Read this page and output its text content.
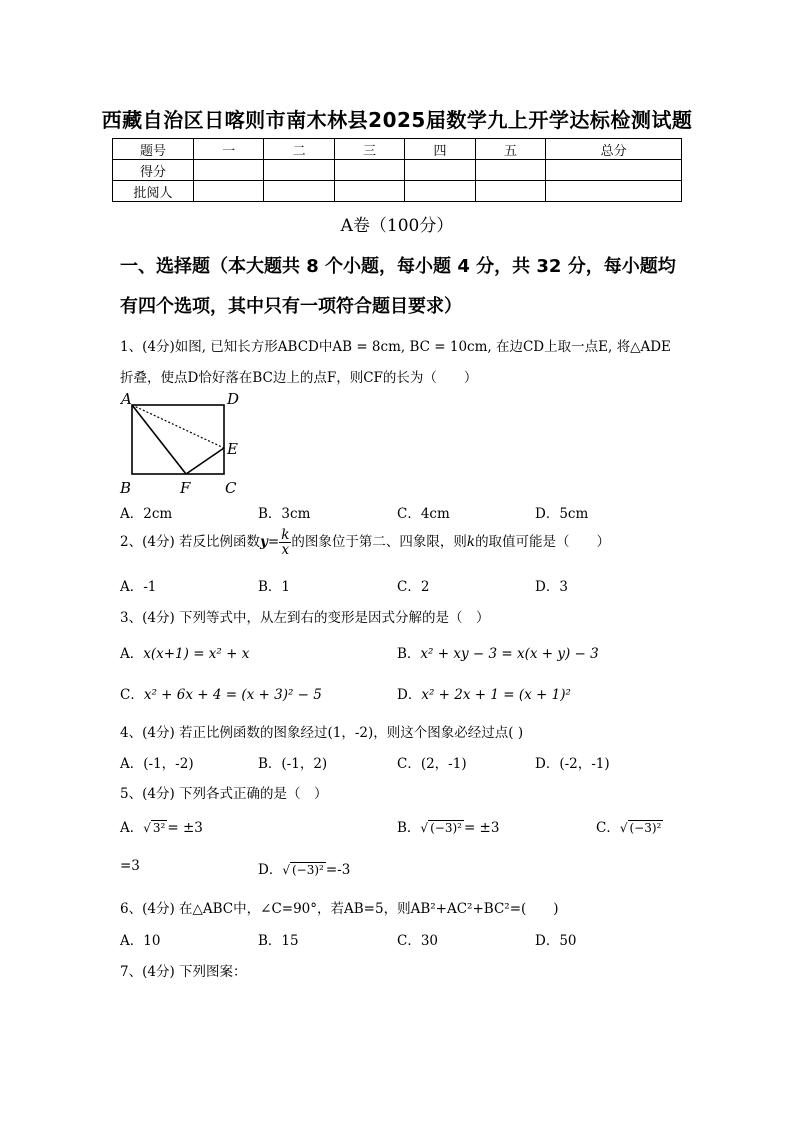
西藏自治区日喀则市南木林县2025届数学九上开学达标检测试题
题号	一	二	三	四	五	总分
得分						
批阅人						
A卷（100分）
一、选择题（本大题共 8 个小题，每小题 4 分，共 32 分，每小题均
有四个选项，其中只有一项符合题目要求）
1、(4分)如图, 已知长方形ABCD中AB = 8cm, BC = 10cm, 在边CD上取一点E, 将△ADE
折叠，使点D恰好落在BC边上的点F，则CF的长为（　　）
A	D
E
B	F C
A．2cm	B．3cm	C．4cm	D．5cm
2、(4分) 若反比例函数$y= \frac{k}{x}$ 的图象位于第二、四象限，则k的取值可能是（　　）
A．-1	B．1	C．2	D．3
3、(4分) 下列等式中，从左到右的变形是因式分解的是（　）
A．x(x+1) = x² + x	B．x² + xy − 3 = x(x + y) − 3
C．x² + 6x + 4 = (x + 3)² − 5	D．x² + 2x + 1 = (x + 1)²
4、(4分) 若正比例函数的图象经过(1，-2)，则这个图象必经过点( )
A．(-1，-2)	B．(-1，2)	C．(2，-1)	D．(-2，-1)
5、(4分) 下列各式正确的是（　）
A．√ 3² = ±3	B．√ (−3)² = ±3	C．√ (−3)²
=3	D．√ (−3)² =-3
6、(4分) 在△ABC中，∠C=90°，若AB=5，则AB²+AC²+BC²=(　　)
A．10	B．15	C．30	D．50
7、(4分) 下列图案：
